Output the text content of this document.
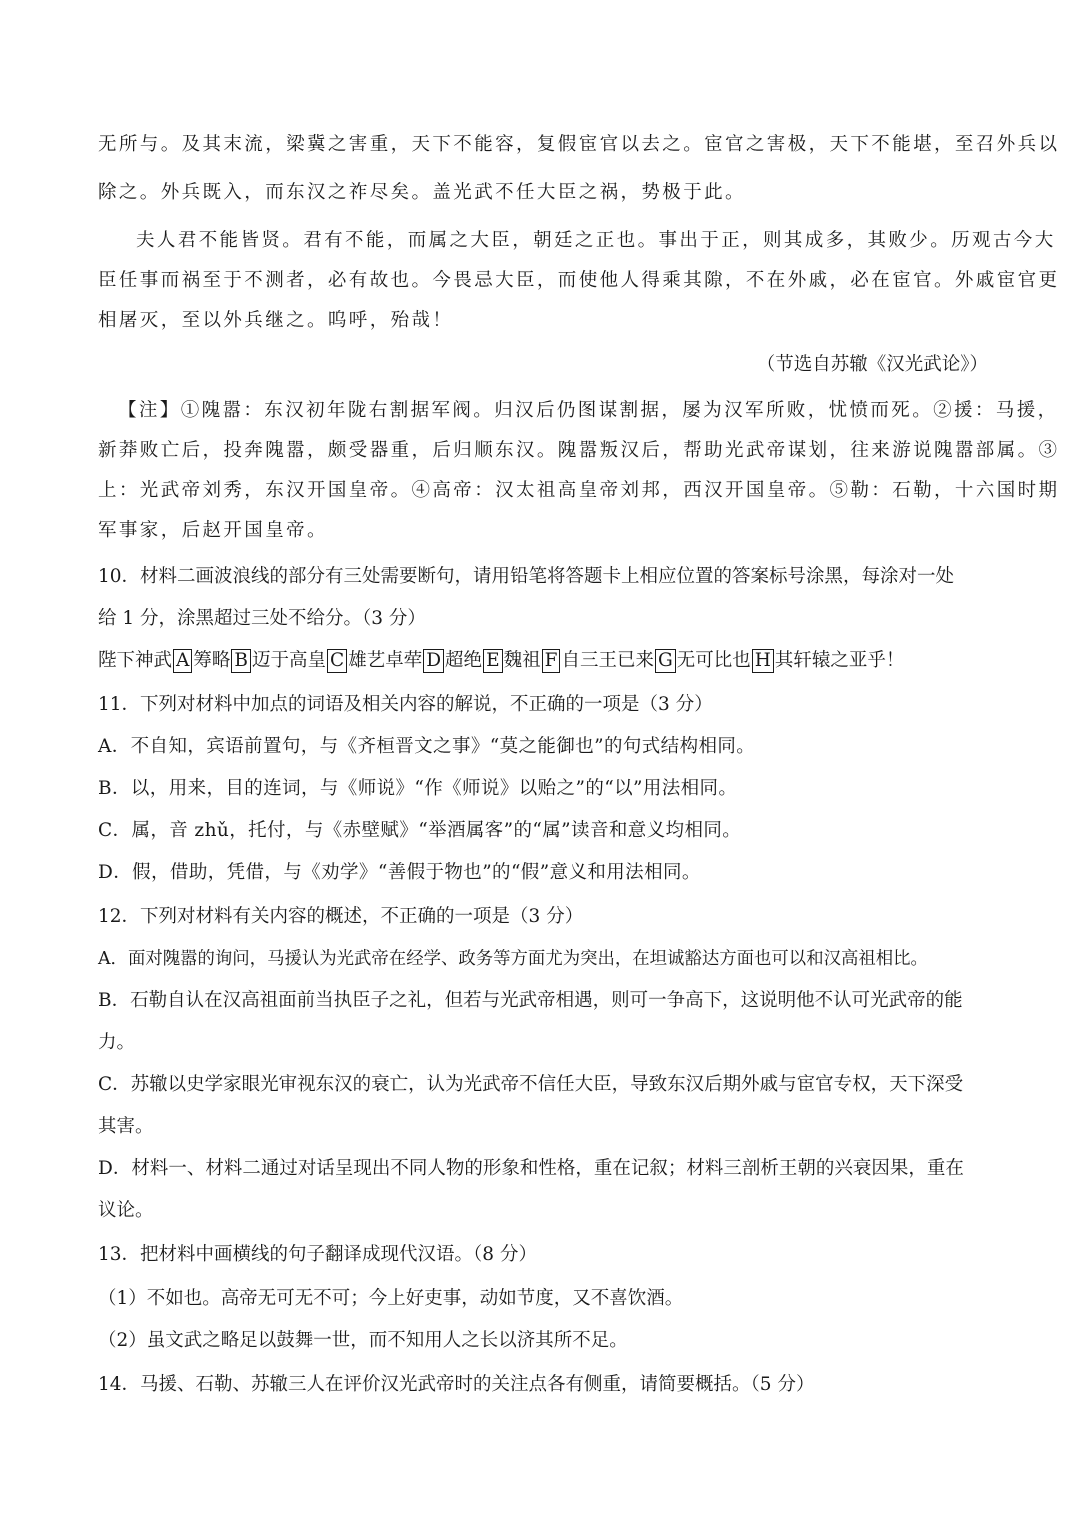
无所与。及其末流，梁冀之害重，天下不能容，复假宦官以去之。宦官之害极，天下不能堪，至召外兵以
除之。外兵既入，而东汉之祚尽矣。盖光武不任大臣之祸，势极于此。
夫人君不能皆贤。君有不能，而属之大臣，朝廷之正也。事出于正，则其成多，其败少。历观古今大
臣任事而祸至于不测者，必有故也。今畏忌大臣，而使他人得乘其隙，不在外戚，必在宦官。外戚宦官更
相屠灭，至以外兵继之。呜呼，殆哉！
（节选自苏辙《汉光武论》）
【注】①隗嚣：东汉初年陇右割据军阀。归汉后仍图谋割据，屡为汉军所败，忧愤而死。②援：马援，
新莽败亡后，投奔隗嚣，颇受器重，后归顺东汉。隗嚣叛汉后，帮助光武帝谋划，往来游说隗嚣部属。③
上：光武帝刘秀，东汉开国皇帝。④高帝：汉太祖高皇帝刘邦，西汉开国皇帝。⑤勒：石勒，十六国时期
军事家，后赵开国皇帝。
10．材料二画波浪线的部分有三处需要断句，请用铅笔将答题卡上相应位置的答案标号涂黑，每涂对一处
给 1 分，涂黑超过三处不给分。（3 分）
陛下神武 A 筹略 B 迈于高皇 C 雄艺卓荦 D 超绝 E 魏祖 F 自三王已来 G 无可比也 H 其轩辕之亚乎！
11．下列对材料中加点的词语及相关内容的解说，不正确的一项是（3 分）
A．不自知，宾语前置句，与《齐桓晋文之事》“莫之能御也”的句式结构相同。
B．以，用来，目的连词，与《师说》“作《师说》以贻之”的“以”用法相同。
C．属，音 zhǔ，托付，与《赤壁赋》“举酒属客”的“属”读音和意义均相同。
D．假，借助，凭借，与《劝学》“善假于物也”的“假”意义和用法相同。
12．下列对材料有关内容的概述，不正确的一项是（3 分）
A．面对隗嚣的询问，马援认为光武帝在经学、政务等方面尤为突出，在坦诚豁达方面也可以和汉高祖相比。
B．石勒自认在汉高祖面前当执臣子之礼，但若与光武帝相遇，则可一争高下，这说明他不认可光武帝的能
力。
C．苏辙以史学家眼光审视东汉的衰亡，认为光武帝不信任大臣，导致东汉后期外戚与宦官专权，天下深受
其害。
D．材料一、材料二通过对话呈现出不同人物的形象和性格，重在记叙；材料三剖析王朝的兴衰因果，重在
议论。
13．把材料中画横线的句子翻译成现代汉语。（8 分）
（1）不如也。高帝无可无不可；今上好吏事，动如节度，又不喜饮酒。
（2）虽文武之略足以鼓舞一世，而不知用人之长以济其所不足。
14．马援、石勒、苏辙三人在评价汉光武帝时的关注点各有侧重，请简要概括。（5 分）
